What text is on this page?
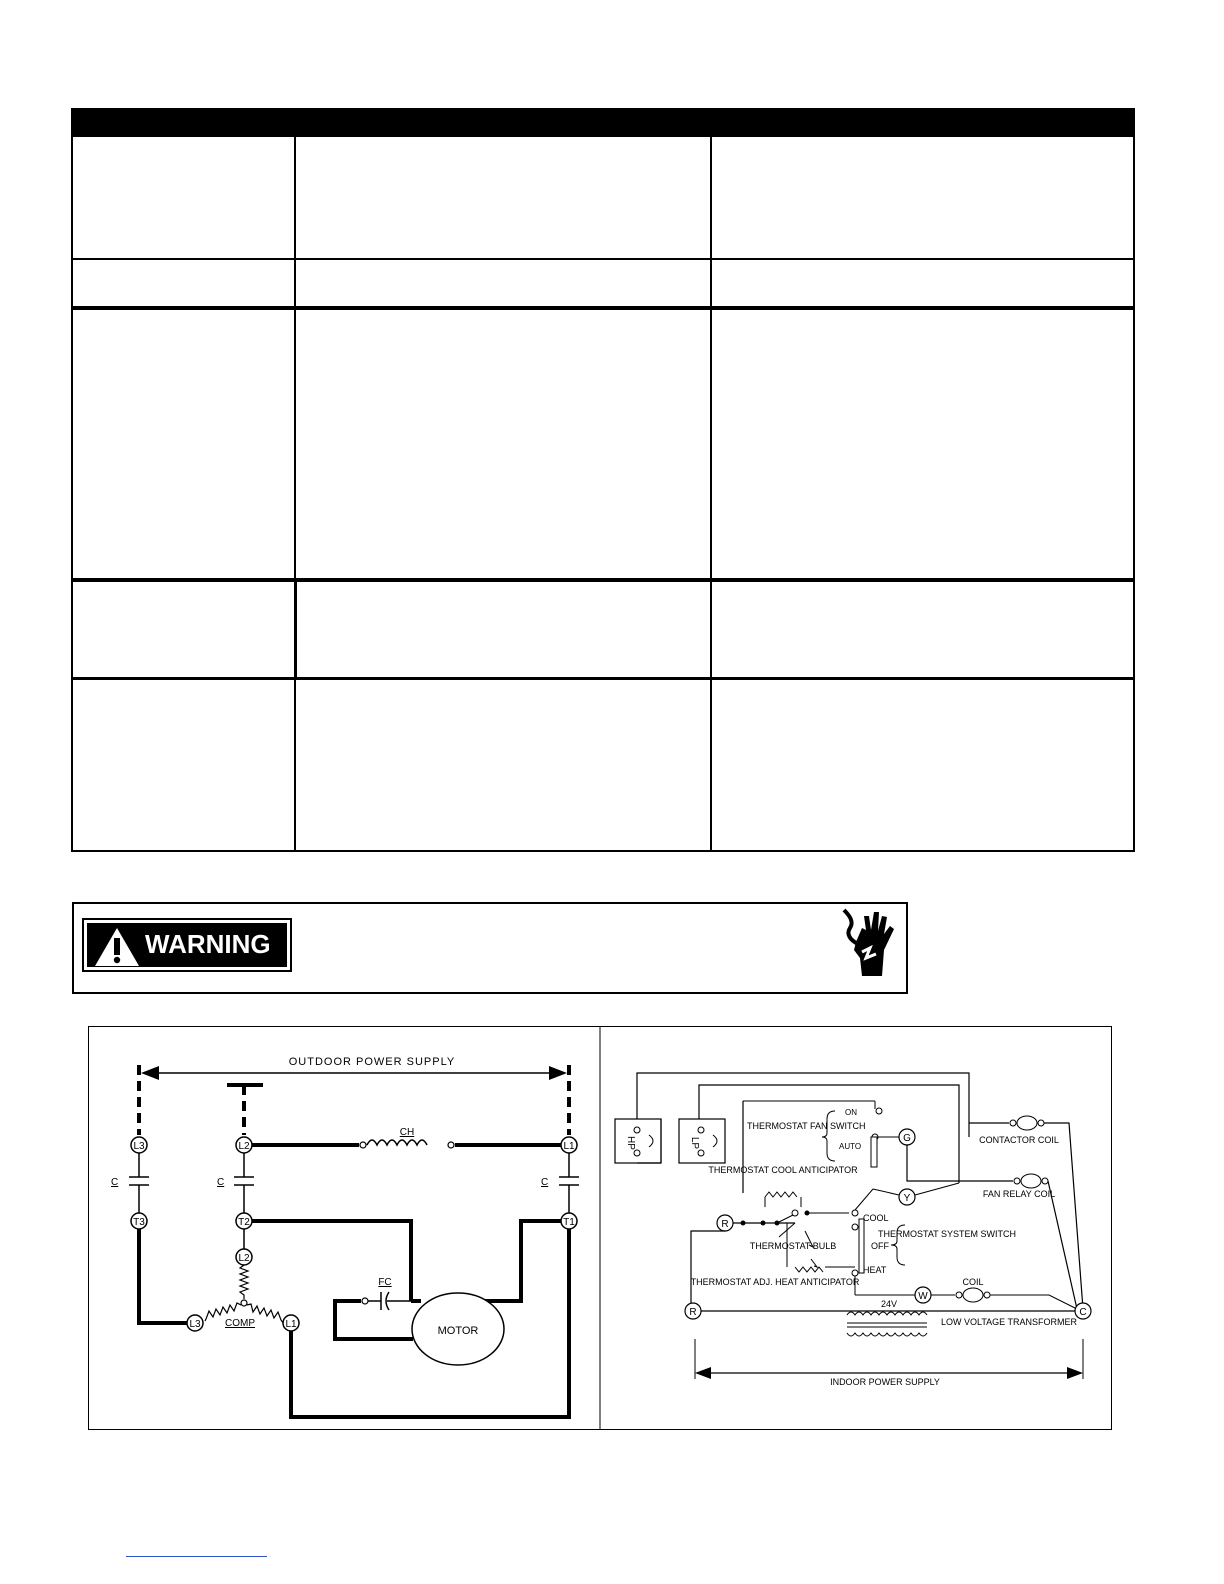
WARNING
OUTDOOR POWER SUPPLY
L3
C
T3
L2
CH
C
T2
L2
L3	L1
COMP
L1
C
T1
MOTOR
FC
HP	LP	CONTACTOR COIL
FAN RELAY COIL
THERMOSTAT FAN SWITCH
ON
AUTO
G
THERMOSTAT COOL ANTICIPATOR
R
Y
THERMOSTAT BULB
COOL
OFF
HEAT
THERMOSTAT SYSTEM SWITCH
THERMOSTAT ADJ. HEAT ANTICIPATOR
W
COIL
R	C
24V
LOW VOLTAGE TRANSFORMER
INDOOR POWER SUPPLY
